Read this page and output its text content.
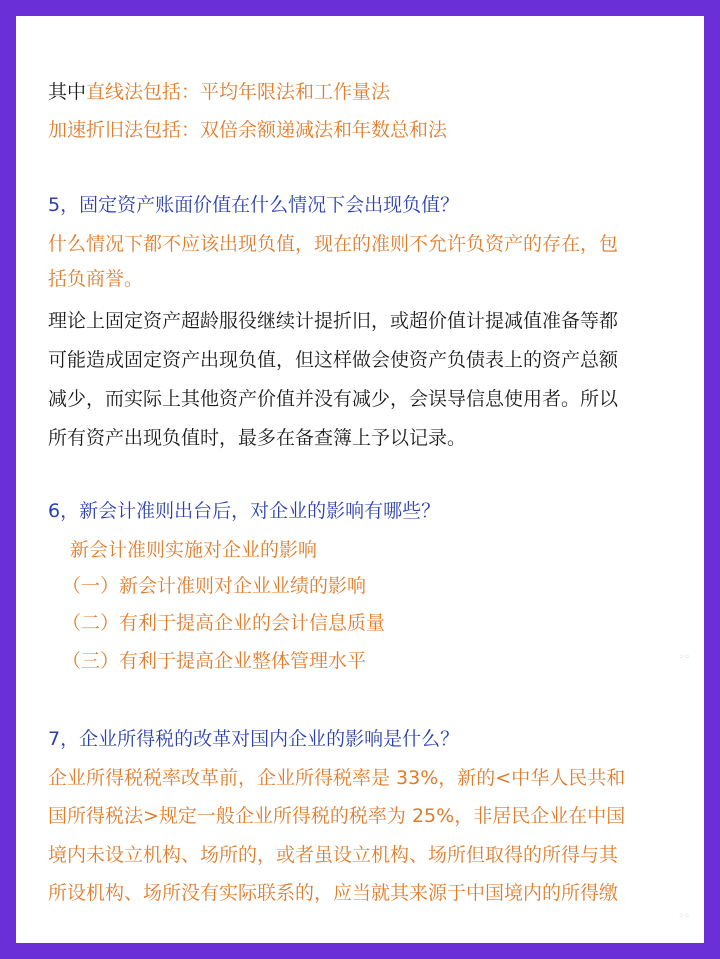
其中直线法包括：平均年限法和工作量法
加速折旧法包括：双倍余额递减法和年数总和法
5，固定资产账面价值在什么情况下会出现负值？
什么情况下都不应该出现负值，现在的准则不允许负资产的存在，包
括负商誉。
理论上固定资产超龄服役继续计提折旧，或超价值计提减值准备等都
可能造成固定资产出现负值，但这样做会使资产负债表上的资产总额
减少，而实际上其他资产价值并没有减少，会误导信息使用者。所以
所有资产出现负值时，最多在备查簿上予以记录。
6，新会计准则出台后，对企业的影响有哪些？
新会计准则实施对企业的影响
（一）新会计准则对企业业绩的影响
（二）有利于提高企业的会计信息质量
（三）有利于提高企业整体管理水平
7，企业所得税的改革对国内企业的影响是什么？
企业所得税税率改革前，企业所得税率是 33%，新的<中华人民共和
国所得税法>规定一般企业所得税的税率为 25%，非居民企业在中国
境内未设立机构、场所的，或者虽设立机构、场所但取得的所得与其
所设机构、场所没有实际联系的，应当就其来源于中国境内的所得缴
◦◦
◦◦
